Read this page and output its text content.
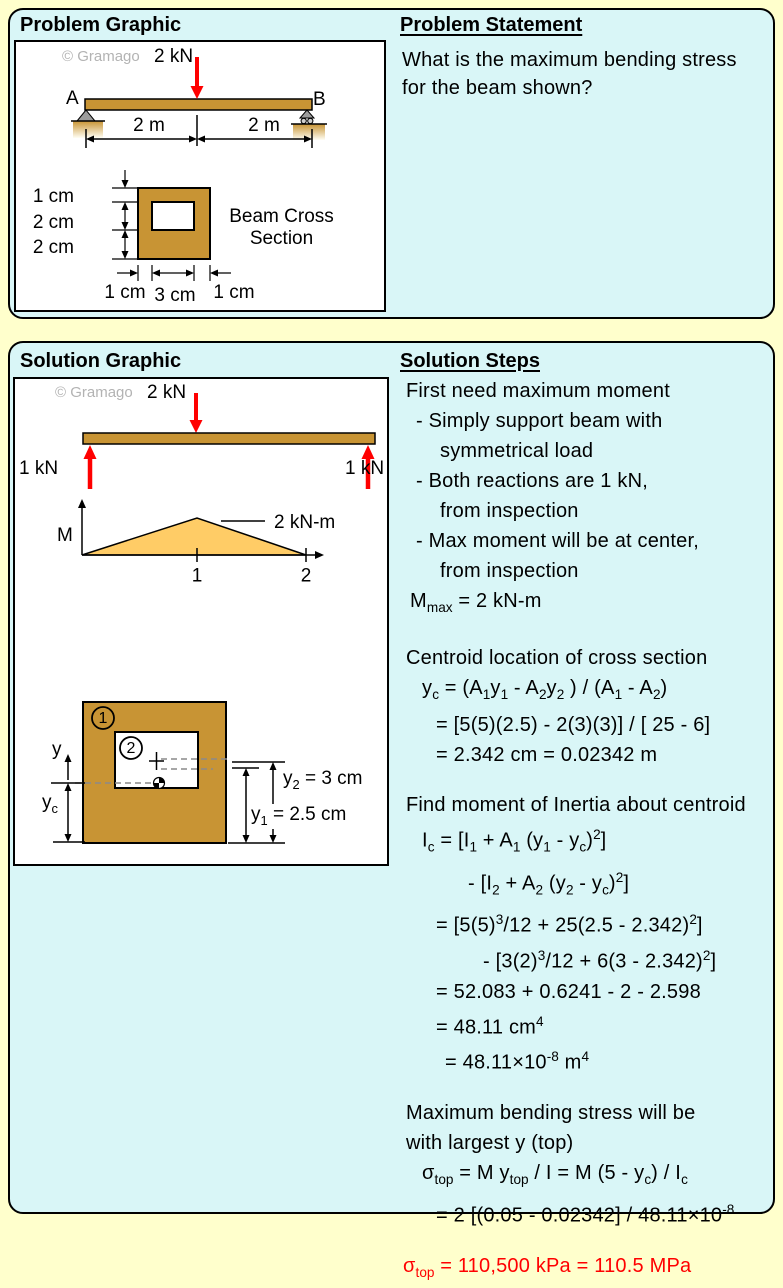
Problem Graphic	Problem Statement
What is the maximum bending stress
for the beam shown?
© Gramago 2 kN
A	B
2 m	2 m
1 cm
2 cm
2 cm
1 cm 3 cm 1 cm
Beam Cross
Section
Solution Graphic	Solution Steps
First need maximum moment
- Simply support beam with
symmetrical load
- Both reactions are 1 kN,
from inspection
- Max moment will be at center,
from inspection
$M_{max} = 2$ kN-m
Centroid location of cross section
$y_c = (A_1y_1 - A_2y_2$ ) / $(A_1 - A_2)$
= [5(5)(2.5) - 2(3)(3)] / [ 25 - 6]
= 2.342 cm = 0.02342 m
Find moment of Inertia about centroid
$I_c = [I_1 + A_1$ $(y_1 - y_c)^2$]
- [$I_2 + A_2$ $(y_2 - y_c)^2$]
= $[5(5)^3/12 + 25(2.5 - 2.342)^2]$
- $[3(2)^3/12 + 6(3 - 2.342)^2]$
= 52.083 + 0.6241 - 2 - 2.598
= 48.11 $cm^4$
= $48.11\times 10^{-8}$ $m^4$
Maximum bending stress will be
with largest y (top)
$\sigma_{top} = M$ $y_{top} / I = M$ $(5 - y_c) / I_c$
= 2 [$(0.05 - 0.02342] / 48.11\times 10^{-8}$
$\sigma_{top} = 110,500$ kPa = 110.5 MPa
1	2
1
2
© Gramago 2 kN
1 kN	1 kN
M
2 kN-m
y
$y_c$
$y_2 = 3$ cm
$y_1 = 2.5$ cm
